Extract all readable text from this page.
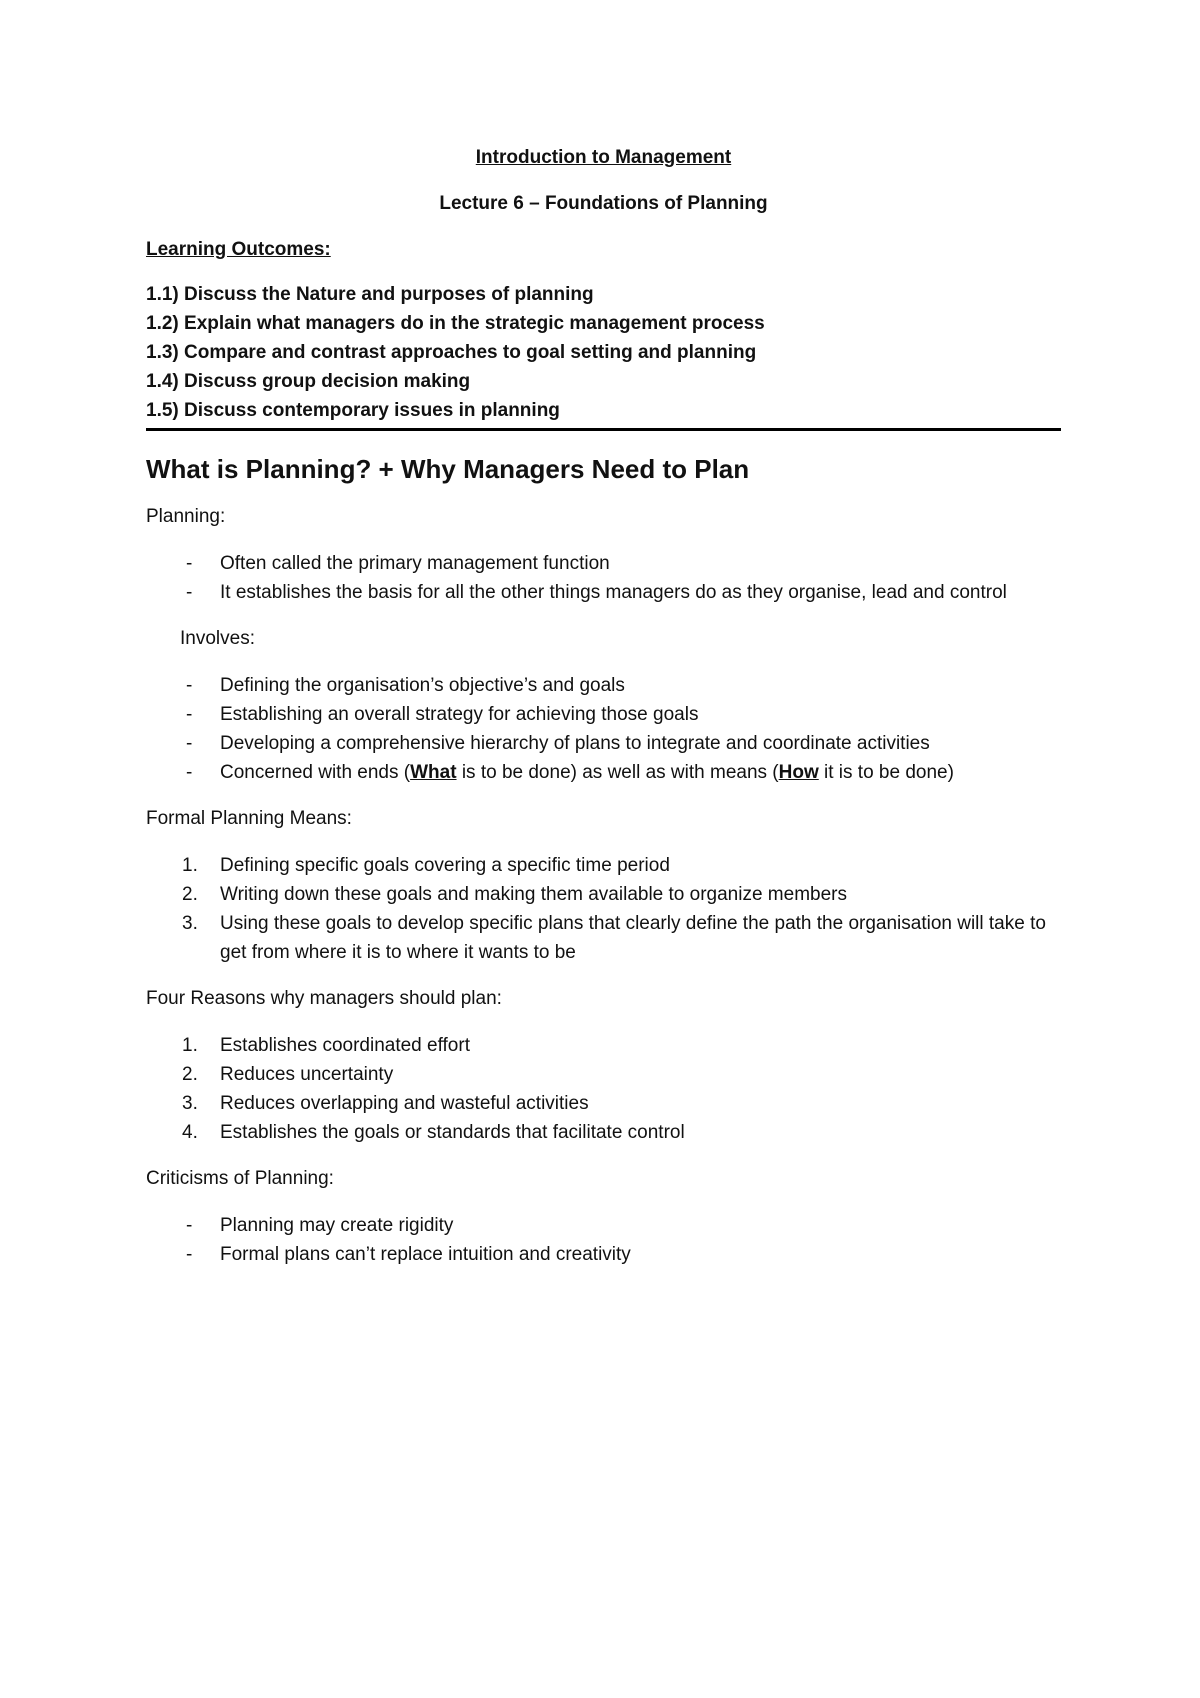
Introduction to Management
Lecture 6 – Foundations of Planning
Learning Outcomes:
1.1) Discuss the Nature and purposes of planning
1.2) Explain what managers do in the strategic management process
1.3) Compare and contrast approaches to goal setting and planning
1.4) Discuss group decision making
1.5) Discuss contemporary issues in planning
What is Planning? + Why Managers Need to Plan
Planning:
- Often called the primary management function
- It establishes the basis for all the other things managers do as they organise, lead and control
Involves:
- Defining the organisation’s objective’s and goals
- Establishing an overall strategy for achieving those goals
- Developing a comprehensive hierarchy of plans to integrate and coordinate activities
- Concerned with ends (What is to be done) as well as with means (How it is to be done)
Formal Planning Means:
1. Defining specific goals covering a specific time period
2. Writing down these goals and making them available to organize members
3. Using these goals to develop specific plans that clearly define the path the organisation will take to get from where it is to where it wants to be
Four Reasons why managers should plan:
1. Establishes coordinated effort
2. Reduces uncertainty
3. Reduces overlapping and wasteful activities
4. Establishes the goals or standards that facilitate control
Criticisms of Planning:
- Planning may create rigidity
- Formal plans can’t replace intuition and creativity
